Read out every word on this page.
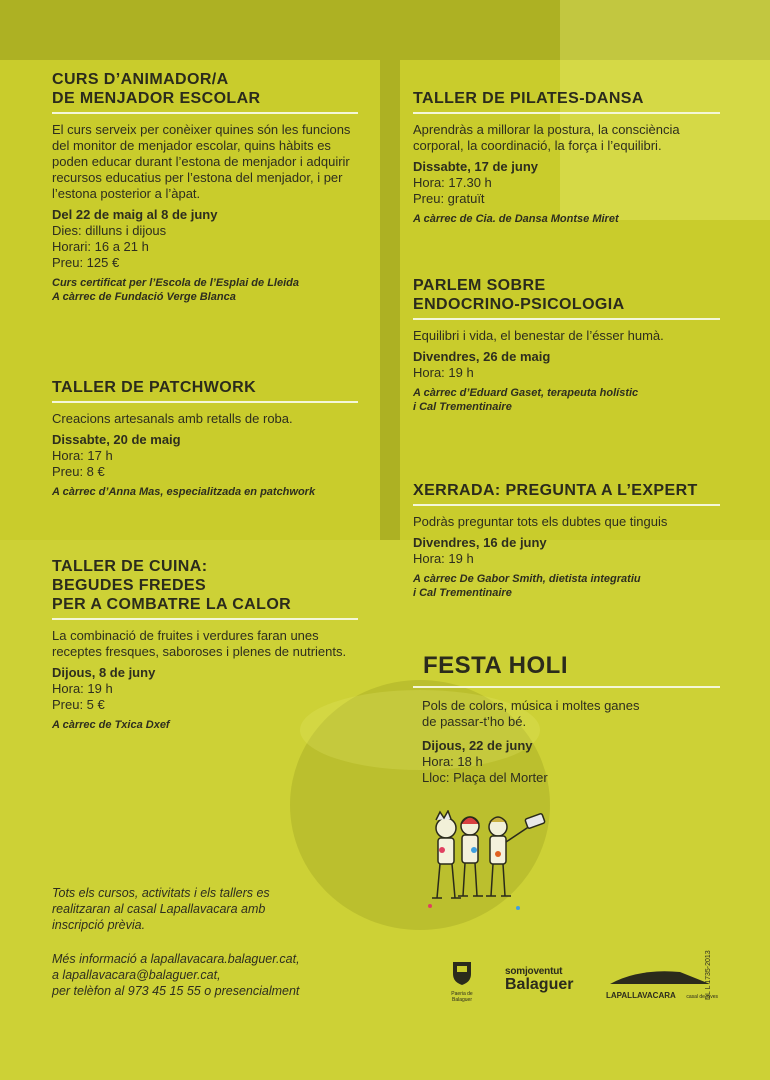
CURS D’ANIMADOR/A
DE MENJADOR ESCOLAR

El curs serveix per conèixer quines són les funcions del monitor de menjador escolar, quins hàbits es poden educar durant l’estona de menjador i adquirir recursos educatius per l’estona del menjador, i per l’estona posterior a l’àpat.

Del 22 de maig al 8 de juny
Dies: dilluns i dijous
Horari: 16 a 21 h
Preu: 125 €
Curs certificat per l’Escola de l’Esplai de Lleida
A càrrec de Fundació Verge Blanca
TALLER DE PATCHWORK

Creacions artesanals amb retalls de roba.

Dissabte, 20 de maig
Hora: 17 h
Preu: 8 €
A càrrec d’Anna Mas, especialitzada en patchwork
TALLER DE CUINA:
BEGUDES FREDES
PER A COMBATRE LA CALOR

La combinació de fruites i verdures faran unes receptes fresques, saboroses i plenes de nutrients.

Dijous, 8 de juny
Hora: 19 h
Preu: 5 €
A càrrec de Txica Dxef
TALLER DE PILATES-DANSA

Aprendràs a millorar la postura, la consciència corporal, la coordinació, la força i l’equilibri.

Dissabte, 17 de juny
Hora: 17.30 h
Preu: gratuït
A càrrec de Cia. de Dansa Montse Miret
PARLEM SOBRE
ENDOCRINO-PSICOLOGIA

Equilibri i vida, el benestar de l’ésser humà.

Divendres, 26 de maig
Hora: 19 h
A càrrec d’Eduard Gaset, terapeuta holístic
i Cal Trementinaire
XERRADA: PREGUNTA A L’EXPERT

Podràs preguntar tots els dubtes que tinguis

Divendres, 16 de juny
Hora: 19 h
A càrrec De Gabor Smith, dietista integratiu
i Cal Trementinaire
FESTA HOLI
Pols de colors, música i moltes ganes
de passar-t’ho bé.
Dijous, 22 de juny
Hora: 18 h
Lloc: Plaça del Morter
Tots els cursos, activitats i els tallers es
realitzaran al casal Lapallavacara amb
inscripció prèvia.
Més informació a lapallavacara.balaguer.cat,
a lapallavacara@balaguer.cat,
per telèfon al 973 45 15 55 o presencialment	Paeria de Balaguer
somjoventut
Balaguer
LAPALLAVACARA casal de joves
DL L 1735-2013
